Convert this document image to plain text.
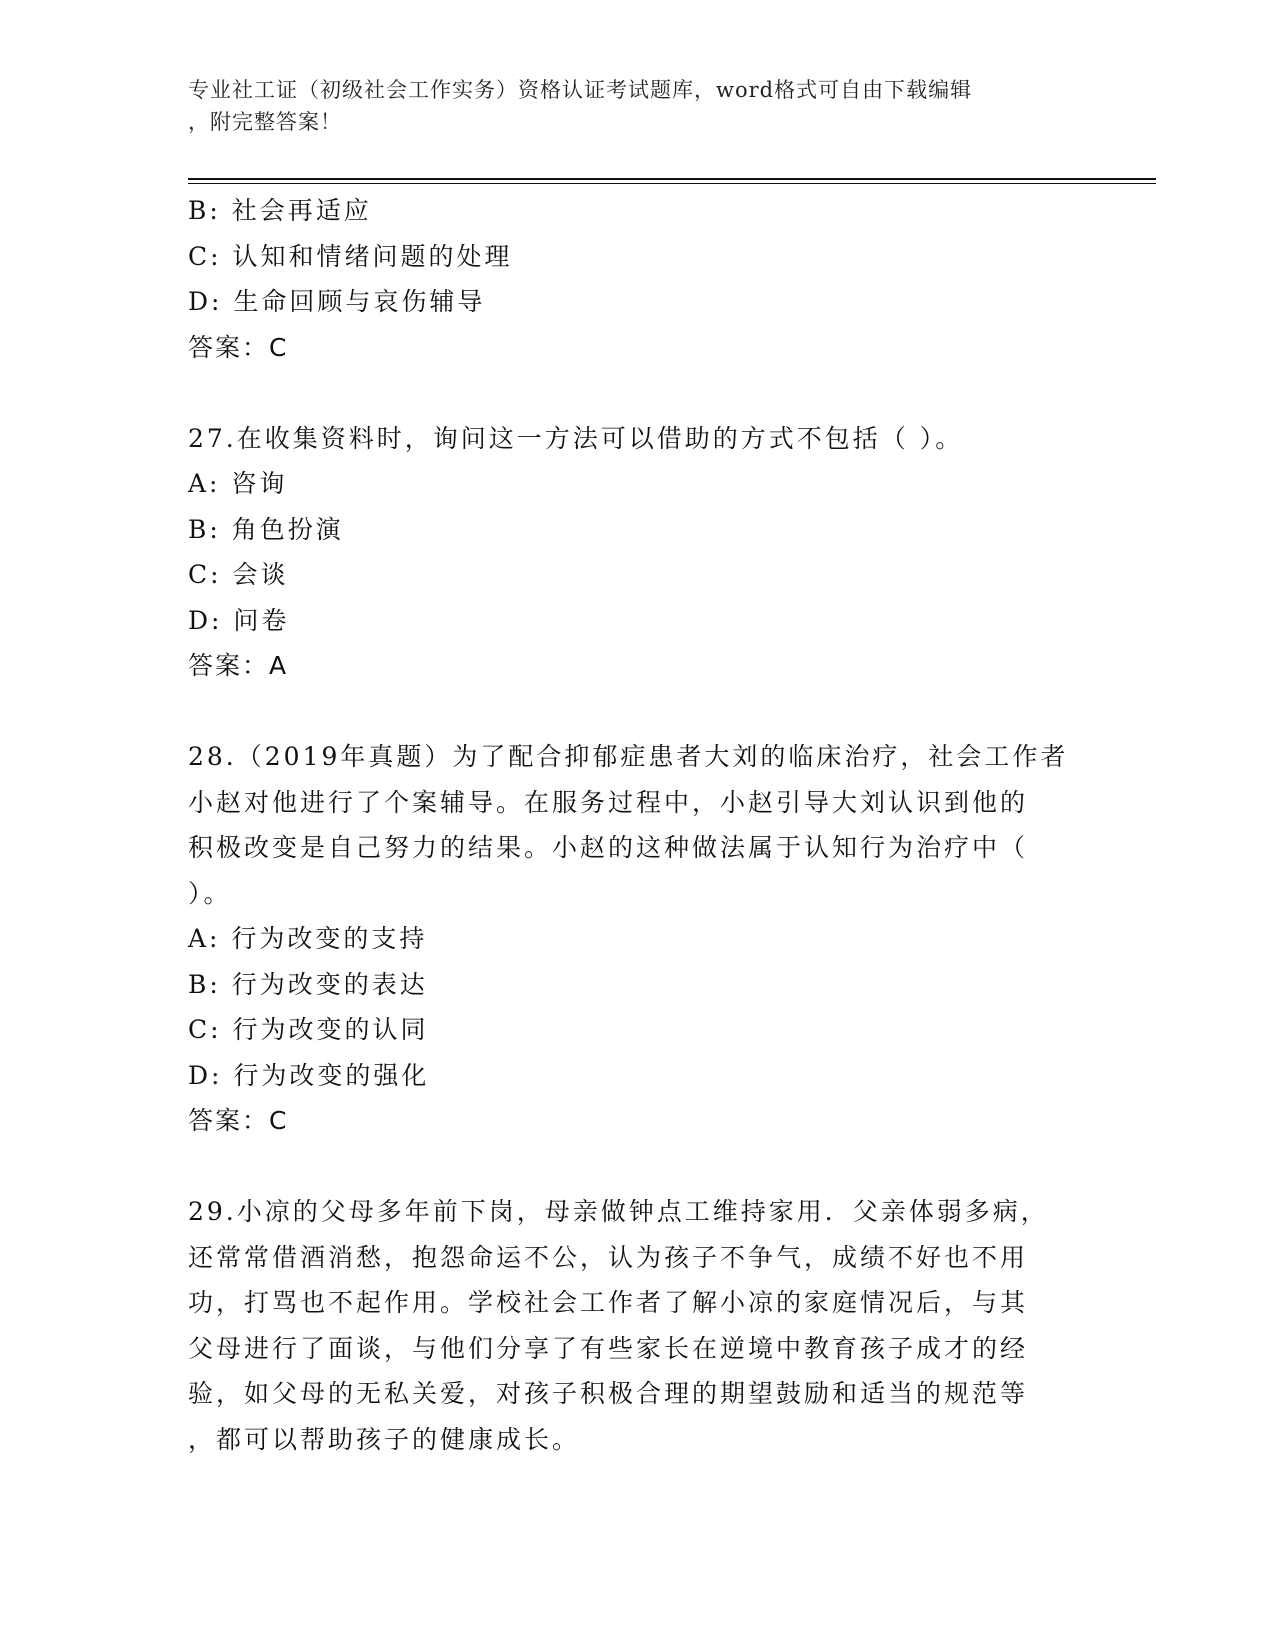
专业社工证（初级社会工作实务）资格认证考试题库，word格式可自由下载编辑
，附完整答案！
B: 社会再适应
C: 认知和情绪问题的处理
D: 生命回顾与哀伤辅导
答案：C
27.在收集资料时，询问这一方法可以借助的方式不包括（ ）。
A: 咨询
B: 角色扮演
C: 会谈
D: 问卷
答案：A
28.（2019年真题）为了配合抑郁症患者大刘的临床治疗，社会工作者
小赵对他进行了个案辅导。在服务过程中，小赵引导大刘认识到他的
积极改变是自己努力的结果。小赵的这种做法属于认知行为治疗中（
）。
A: 行为改变的支持
B: 行为改变的表达
C: 行为改变的认同
D: 行为改变的强化
答案：C
29.小凉的父母多年前下岗，母亲做钟点工维持家用．父亲体弱多病，
还常常借酒消愁，抱怨命运不公，认为孩子不争气，成绩不好也不用
功，打骂也不起作用。学校社会工作者了解小凉的家庭情况后，与其
父母进行了面谈，与他们分享了有些家长在逆境中教育孩子成才的经
验，如父母的无私关爱，对孩子积极合理的期望鼓励和适当的规范等
，都可以帮助孩子的健康成长。
